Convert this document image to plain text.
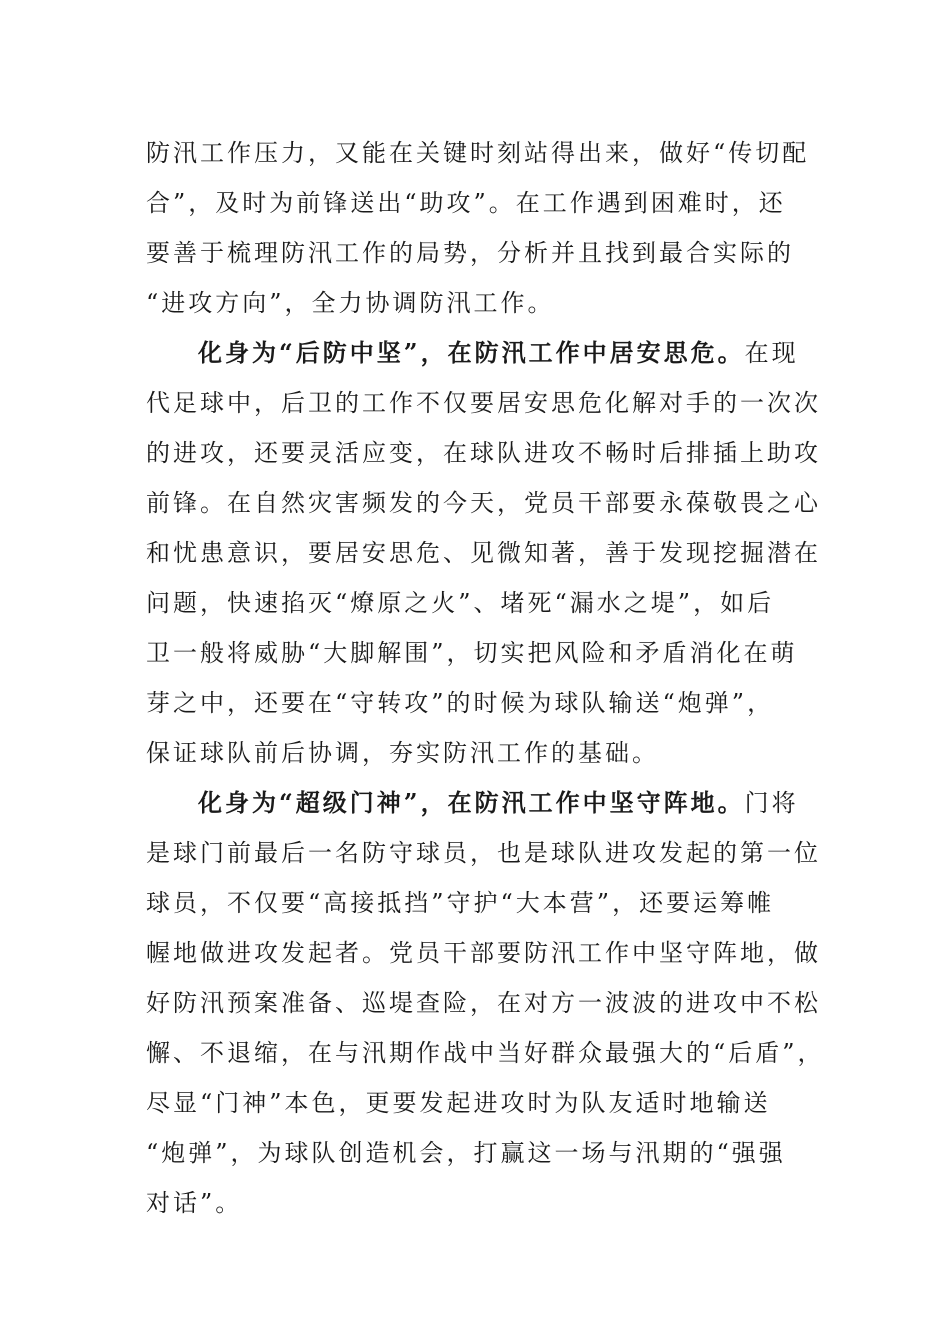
防汛工作压力，又能在关键时刻站得出来，做好“传切配
合”，及时为前锋送出“助攻”。在工作遇到困难时，还
要善于梳理防汛工作的局势，分析并且找到最合实际的
“进攻方向”，全力协调防汛工作。
化身为“后防中坚”，在防汛工作中居安思危。在现
代足球中，后卫的工作不仅要居安思危化解对手的一次次
的进攻，还要灵活应变，在球队进攻不畅时后排插上助攻
前锋。在自然灾害频发的今天，党员干部要永葆敬畏之心
和忧患意识，要居安思危、见微知著，善于发现挖掘潜在
问题，快速掐灭“燎原之火”、堵死“漏水之堤”，如后
卫一般将威胁“大脚解围”，切实把风险和矛盾消化在萌
芽之中，还要在“守转攻”的时候为球队输送“炮弹”，
保证球队前后协调，夯实防汛工作的基础。
化身为“超级门神”，在防汛工作中坚守阵地。门将
是球门前最后一名防守球员，也是球队进攻发起的第一位
球员，不仅要“高接抵挡”守护“大本营”，还要运筹帷
幄地做进攻发起者。党员干部要防汛工作中坚守阵地，做
好防汛预案准备、巡堤查险，在对方一波波的进攻中不松
懈、不退缩，在与汛期作战中当好群众最强大的“后盾”，
尽显“门神”本色，更要发起进攻时为队友适时地输送
“炮弹”，为球队创造机会，打赢这一场与汛期的“强强
对话”。
